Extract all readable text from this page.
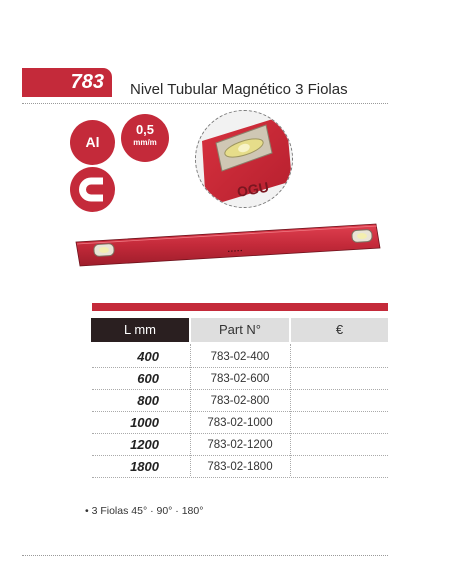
783 Nivel Tubular Magnético 3 Fiolas
Al
0,5
mm/m
OGU
• • • • •
L mm	Part N°	€
400	783-02-400
600	783-02-600
800	783-02-800
1000	783-02-1000
1200	783-02-1200
1800	783-02-1800
• 3 Fiolas 45° · 90° · 180°
